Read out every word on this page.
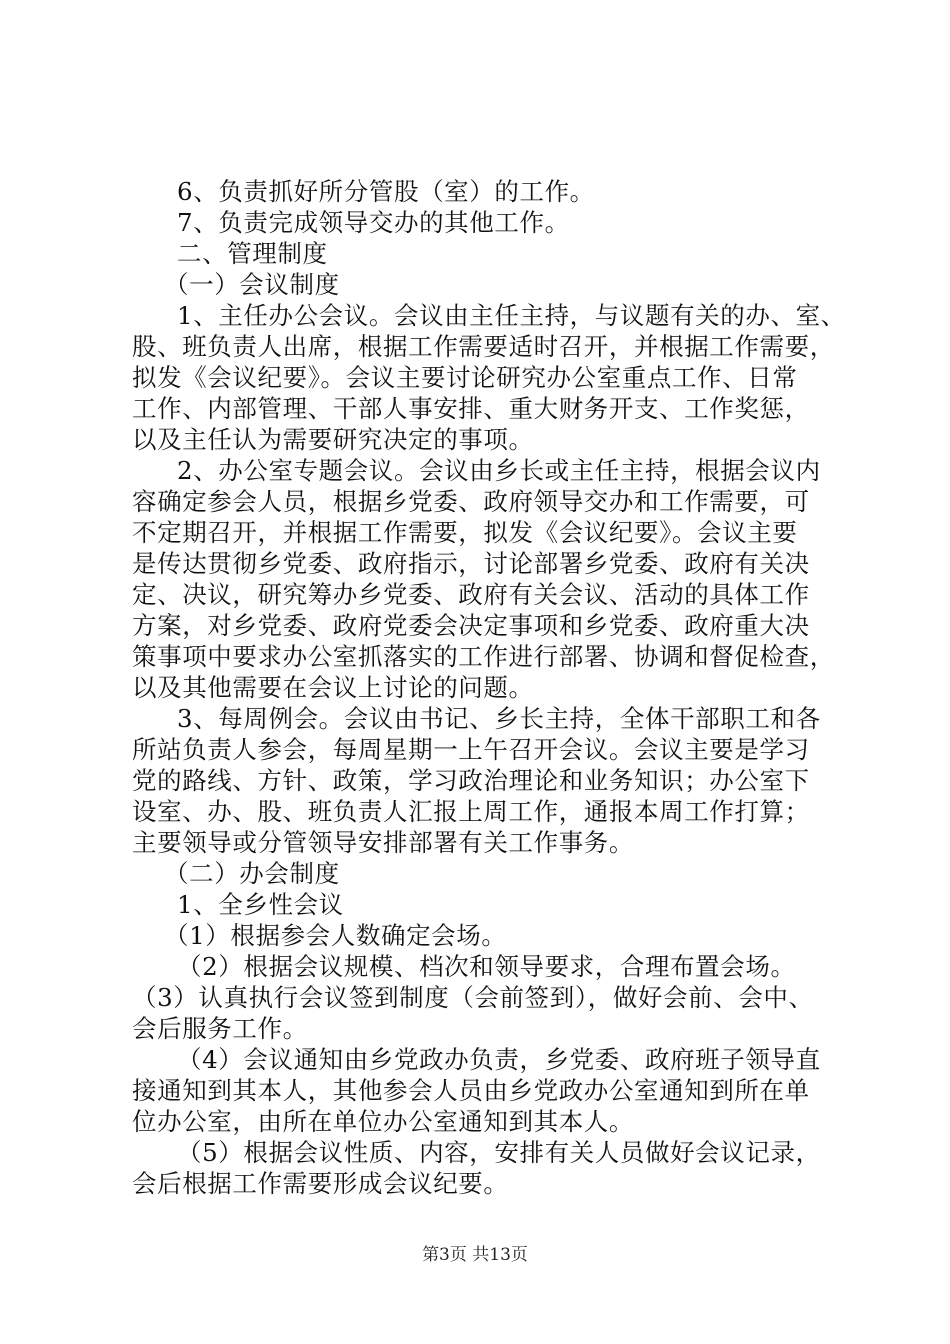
6、负责抓好所分管股（室）的工作。
7、负责完成领导交办的其他工作。
二、管理制度
（一）会议制度
1、主任办公会议。会议由主任主持，与议题有关的办、室、
股、班负责人出席，根据工作需要适时召开，并根据工作需要，
拟发《会议纪要》。会议主要讨论研究办公室重点工作、日常
工作、内部管理、干部人事安排、重大财务开支、工作奖惩，
以及主任认为需要研究决定的事项。
2、办公室专题会议。会议由乡长或主任主持，根据会议内
容确定参会人员，根据乡党委、政府领导交办和工作需要，可
不定期召开，并根据工作需要，拟发《会议纪要》。会议主要
是传达贯彻乡党委、政府指示，讨论部署乡党委、政府有关决
定、决议，研究筹办乡党委、政府有关会议、活动的具体工作
方案，对乡党委、政府党委会决定事项和乡党委、政府重大决
策事项中要求办公室抓落实的工作进行部署、协调和督促检查，
以及其他需要在会议上讨论的问题。
3、每周例会。会议由书记、乡长主持，全体干部职工和各
所站负责人参会，每周星期一上午召开会议。会议主要是学习
党的路线、方针、政策，学习政治理论和业务知识；办公室下
设室、办、股、班负责人汇报上周工作，通报本周工作打算；
主要领导或分管领导安排部署有关工作事务。
（二）办会制度
1、全乡性会议
（1）根据参会人数确定会场。
（2）根据会议规模、档次和领导要求，合理布置会场。
（3）认真执行会议签到制度（会前签到），做好会前、会中、
会后服务工作。
（4）会议通知由乡党政办负责，乡党委、政府班子领导直
接通知到其本人，其他参会人员由乡党政办公室通知到所在单
位办公室，由所在单位办公室通知到其本人。
（5）根据会议性质、内容，安排有关人员做好会议记录，
会后根据工作需要形成会议纪要。
第3页 共13页
